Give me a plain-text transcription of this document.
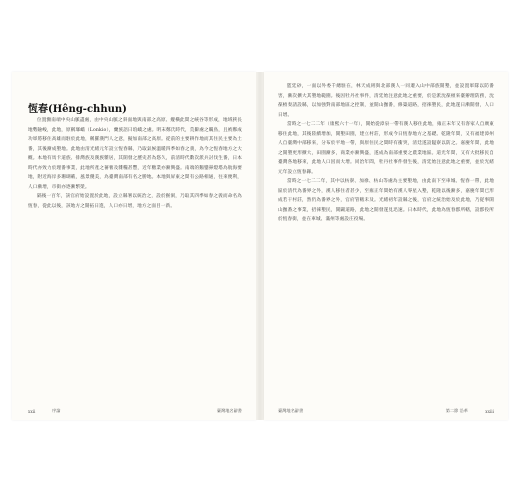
恆春(Hêng-chhun)

位置瀕南端中央山脈盡處，由中央山脈之斜面地與南部之高原、縱橫此間之峽谷等形成，地域狹長地勢險峻，此地，原稱瑯嶠（Lonkio），蘭族語曰琅嶠之處。明末鄭氏時代，荒僻處之羈鳥，且被鄭成功軍將移住高雄而駐於此地，稱羅漢門人之意，擬加南部之高原。從前的主要耕作地而其住民主要為土番，其後漸成墾地。此地由清光緒元年設立恆春縣，乃取氣候溫暖四季如春之義，為今之恆春地方之大概。本地有馬卡道族、排灣族及漢族雜居，其開發之歷史甚為悠久，前清時代數次派兵討伐生番，日本時代亦致力於理番事業，此地所產之蕃薯及雜糧甚豐，近年糖業亦漸興盛。南端的鵝鑾鼻燈塔為航海要地，附近海岸多珊瑚礁，風景優美，為臺灣南部有名之勝地。本地與屏東之間有公路相通，往來便利，人口漸增，市街亦逐漸繁榮。

隔後一百年，該官府始設置於此地，設立縣署以統治之，設於猴洞，乃取其四季如春之義而命名為恆春，從此以後，該地方之開拓日進，人口亦日增，地方之面目一新。

xxii	序論	臺灣地名辭書

監廷砂，一面以外委千總駐在，林天成則與北部漢人一同遷入山中部族開墾，並設置軍隊以防番害，漸次擴大其墾地範圍。後因牡丹社事件，清廷始注意此地之重要，於是派沈葆楨來臺辦理防務，沈葆楨奏請設縣，以加強對南部地區之控制，並開山撫番，修築道路，招徠墾民，此地遂日漸開發，人口日增。

當時之一七二二年（康熙六十一年），開始從漳泉一帶有漢人移住此地，雍正末年又有客家人自廣東移住此地，其後陸續增加，開墾田園，建立村莊，形成今日恆春地方之基礎。乾隆年間，又有福建漳州人自臺灣中部移來，分布於平地一帶，與原住民之間時有衝突，清廷遂設隘寮以防之。嘉慶年間，此地之開墾更形擴大，田園漸多，商業亦漸興盛，遂成為南部重要之農業地區。道光年間，又有大批移民自臺灣各地移來，此地人口因而大增。同治年間，牡丹社事件發生後，清廷始注意此地之重要，並於光緒元年設立恆春縣。

當時之一七二二年，其中以枋寮、加祿、枋山等處為主要墾地，由此南下至車城、恆春一帶，此地區於清代為番界之外，漢人移住者甚少，至雍正年間始有漢人零星入墾，乾隆以後漸多，嘉慶年間已形成若干村莊，然仍為番界之外，官府管轄未及。光緒初年設縣之後，官府之統治始及於此地，乃從事開山撫番之事業，招徠墾民，開闢道路，此地之開發遂見迅速。日本時代，此地為恆春郡所轄，設郡役所於恆春街，並在車城、滿州等處設庄役場。

臺灣地名辭書	第二節 沿革	xxiii
